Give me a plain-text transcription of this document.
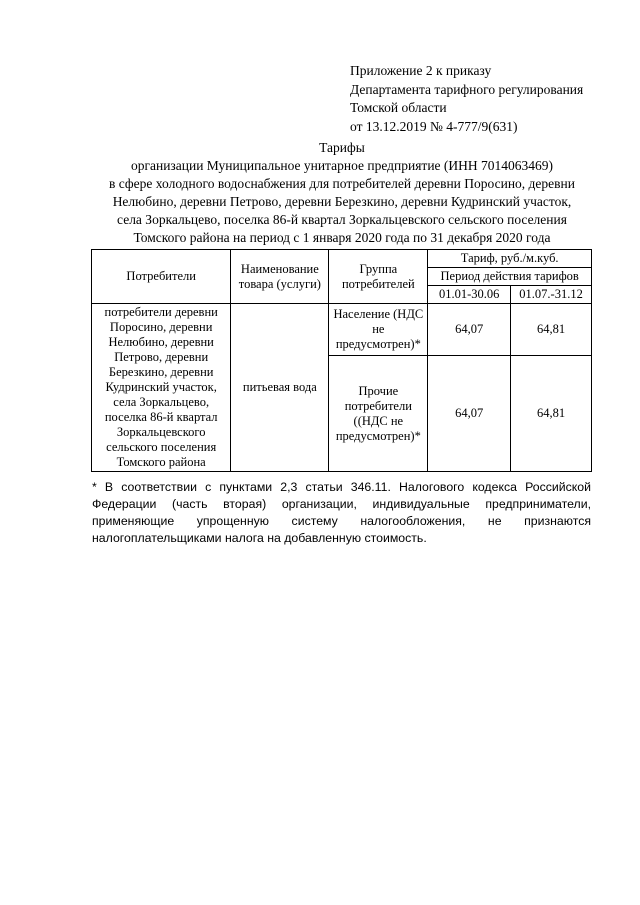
Приложение 2 к приказу
Департамента тарифного регулирования
Томской области
от 13.12.2019 № 4-777/9(631)
Тарифы
организации Муниципальное унитарное предприятие (ИНН 7014063469)
в сфере холодного водоснабжения для потребителей деревни Поросино, деревни
Нелюбино, деревни Петрово, деревни Березкино, деревни Кудринский участок,
села Зоркальцево, поселка 86-й квартал Зоркальцевского сельского поселения
Томского района на период с 1 января 2020 года по 31 декабря 2020 года
Потребители	Наименование товара (услуги)	Группа потребителей	Тариф, руб./м.куб.	
			Период действия тарифов	
			01.01-30.06	01.07.-31.12
потребители деревни Поросино, деревни Нелюбино, деревни Петрово, деревни Березкино, деревни Кудринский участок, села Зоркальцево, поселка 86-й квартал Зоркальцевского сельского поселения Томского района	питьевая вода	Население (НДС не предусмотрен)*	64,07	64,81
		Прочие потребители ((НДС не предусмотрен)*	64,07	64,81
* В соответствии с пунктами 2,3 статьи 346.11. Налогового кодекса Российской
Федерации (часть вторая) организации, индивидуальные предприниматели,
применяющие упрощенную систему налогообложения, не признаются
налогоплательщиками налога на добавленную стоимость.
